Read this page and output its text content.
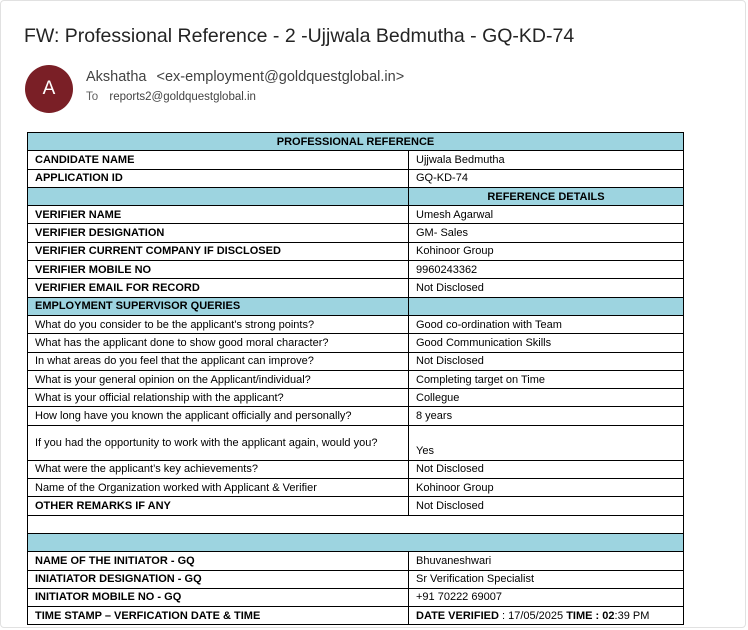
FW: Professional Reference - 2 -Ujjwala Bedmutha - GQ-KD-74
A
Akshatha <ex-employment@goldquestglobal.in>
To reports2@goldquestglobal.in
PROFESSIONAL REFERENCE	
CANDIDATE NAME	Ujjwala Bedmutha
APPLICATION ID	GQ-KD-74
	REFERENCE DETAILS
VERIFIER NAME	Umesh Agarwal
VERIFIER DESIGNATION	GM- Sales
VERIFIER CURRENT COMPANY IF DISCLOSED	Kohinoor Group
VERIFIER MOBILE NO	9960243362
VERIFIER EMAIL FOR RECORD	Not Disclosed
EMPLOYMENT SUPERVISOR QUERIES	
What do you consider to be the applicant's strong points?	Good co-ordination with Team
What has the applicant done to show good moral character?	Good Communication Skills
In what areas do you feel that the applicant can improve?	Not Disclosed
What is your general opinion on the Applicant/individual?	Completing target on Time
What is your official relationship with the applicant?	Collegue
How long have you known the applicant officially and personally?	8 years
If you had the opportunity to work with the applicant again, would you?	Yes
What were the applicant’s key achievements?	Not Disclosed
Name of the Organization worked with Applicant & Verifier	Kohinoor Group
OTHER REMARKS IF ANY	Not Disclosed

NAME OF THE INITIATOR - GQ	Bhuvaneshwari
INIATIATOR DESIGNATION - GQ	Sr Verification Specialist
INITIATOR MOBILE NO - GQ	+91 70222 69007
TIME STAMP – VERFICATION DATE & TIME	DATE VERIFIED : 17/05/2025 TIME : 02:39 PM
